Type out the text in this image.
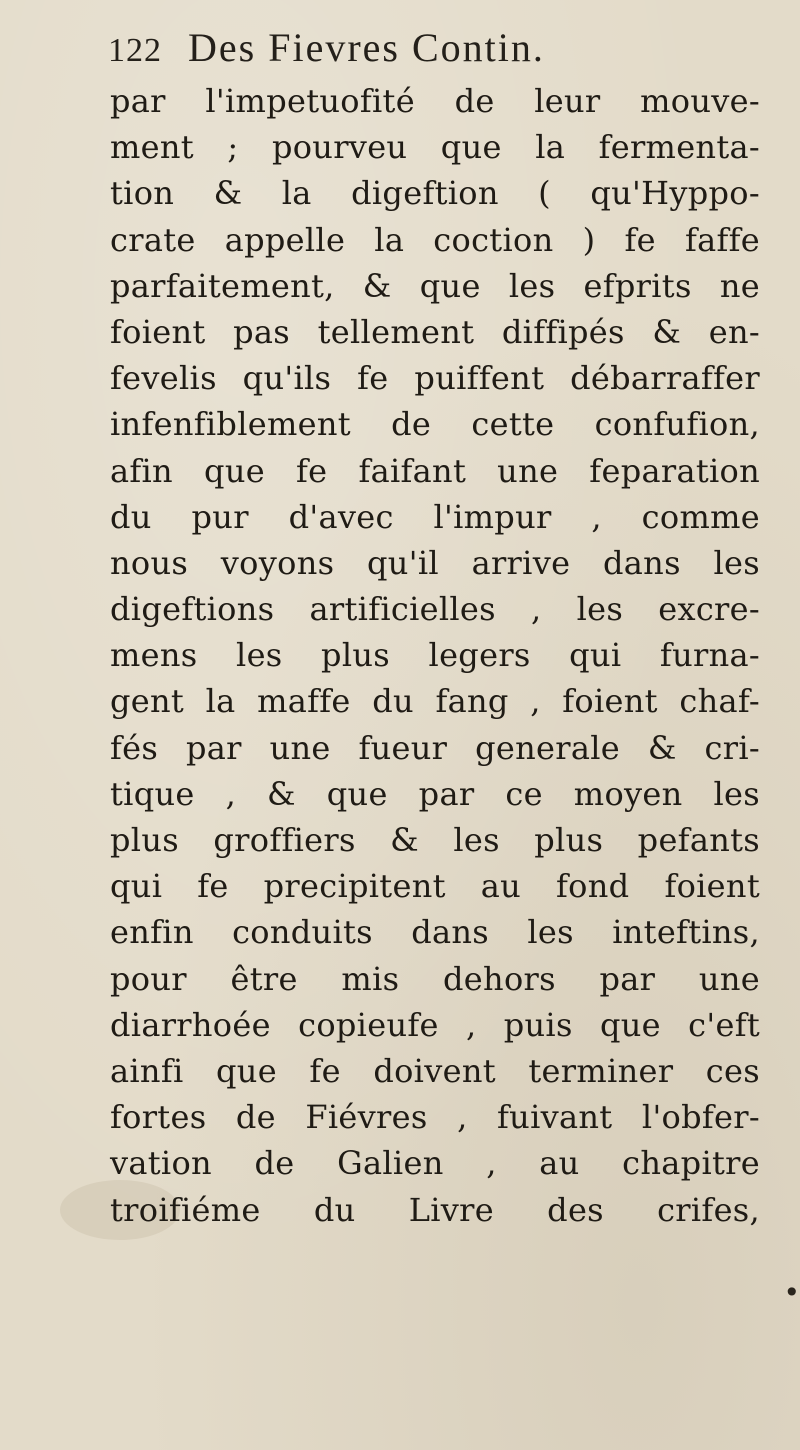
122 Des Fievres Contin.
par l'impetuofité de leur mouve-
ment ; pourveu que la fermenta-
tion & la digeftion ( qu'Hyppo-
crate appelle la coction ) fe faffe
parfaitement, & que les efprits ne
foient pas tellement diffipés & en-
fevelis qu'ils fe puiffent débarraffer
infenfiblement de cette confufion,
afin que fe faifant une feparation
du pur d'avec l'impur , comme
nous voyons qu'il arrive dans les
digeftions artificielles , les excre-
mens les plus legers qui furna-
gent la maffe du fang , foient chaf-
fés par une fueur generale & cri-
tique , & que par ce moyen les
plus groffiers & les plus pefants
qui fe precipitent au fond foient
enfin conduits dans les inteftins,
pour être mis dehors par une
diarrhoée copieufe , puis que c'eft
ainfi que fe doivent terminer ces
fortes de Fiévres , fuivant l'obfer-
vation de Galien , au chapitre
troifiéme du Livre des crifes,
•
